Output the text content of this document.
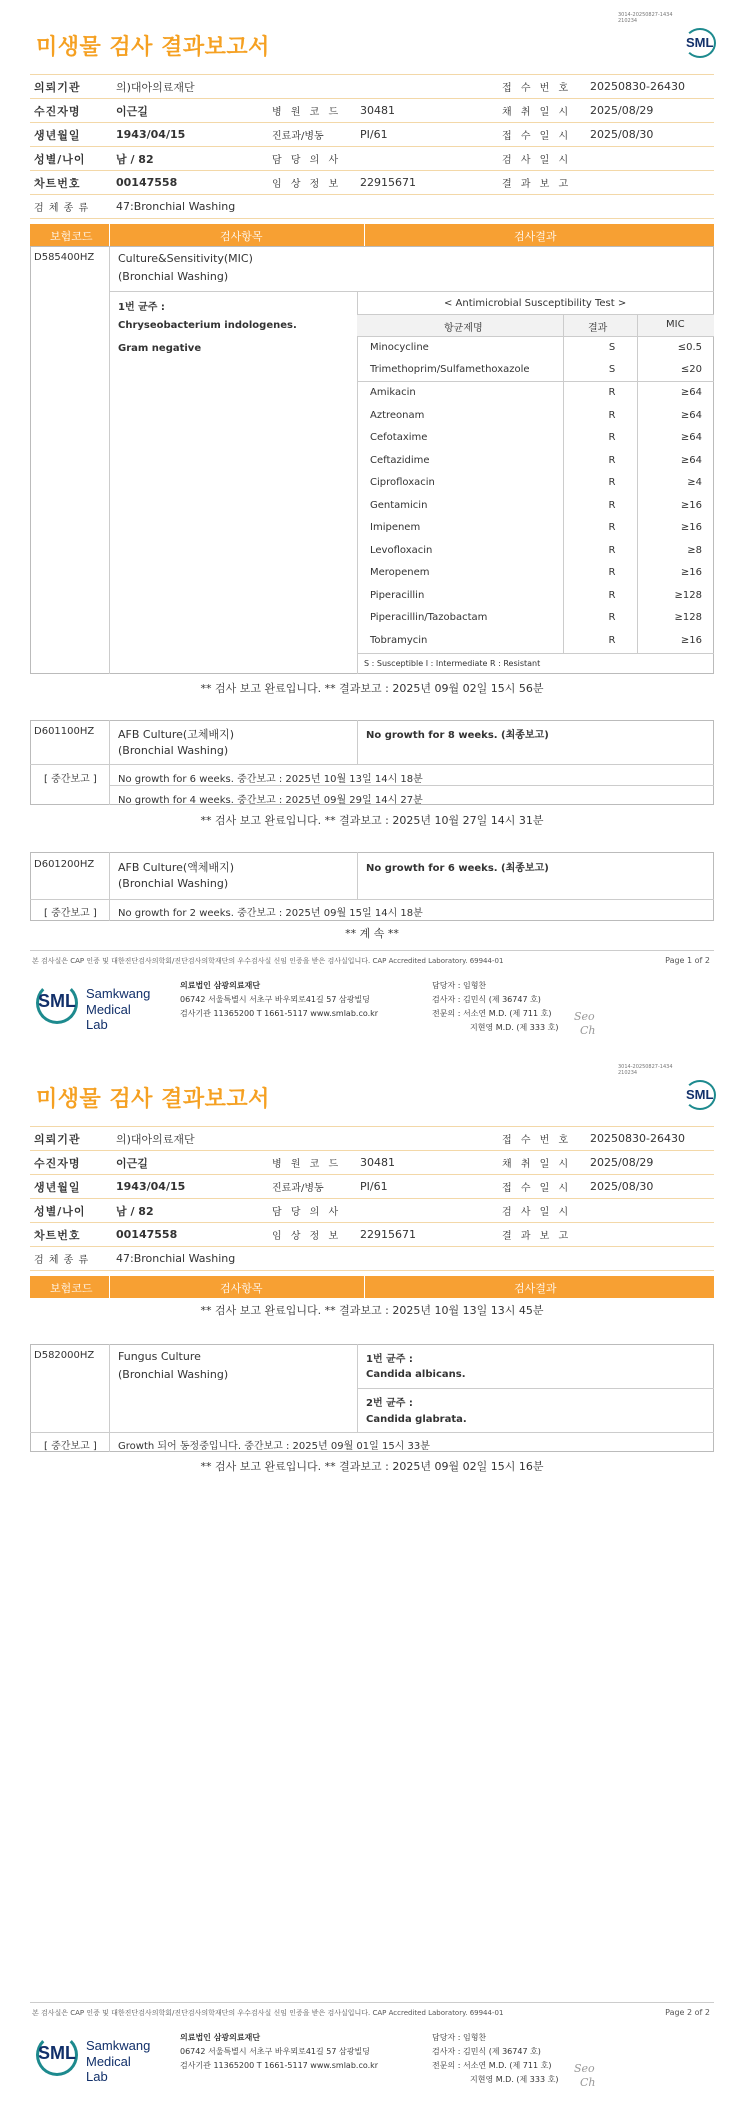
3014-20250827-1434
210234
SML
미생물 검사 결과보고서
의뢰기관	의)대아의료재단			접 수 번 호	20250830-26430
수진자명	이근길	병 원 코 드	30481	채 취 일 시	2025/08/29
생년월일	1943/04/15	진료과/병동	PI/61	접 수 일 시	2025/08/30
성별/나이	남 / 82	담 당 의 사		검 사 일 시	
차트번호	00147558	임 상 정 보	22915671	결 과 보 고	
검 체 종 류	47:Bronchial Washing				
보험코드	검사항목	검사결과
D585400HZ Culture&Sensitivity(MIC)
(Bronchial Washing)
1번 균주 :
Chryseobacterium indologenes.
Gram negative
< Antimicrobial Susceptibility Test >
항균제명	결과	MIC
Minocycline	S	≤0.5
Trimethoprim/Sulfamethoxazole	S	≤20
Amikacin	R	≥64
Aztreonam	R	≥64
Cefotaxime	R	≥64
Ceftazidime	R	≥64
Ciprofloxacin	R	≥4
Gentamicin	R	≥16
Imipenem	R	≥16
Levofloxacin	R	≥8
Meropenem	R	≥16
Piperacillin	R	≥128
Piperacillin/Tazobactam	R	≥128
Tobramycin	R	≥16
S : Susceptible I : Intermediate R : Resistant
** 검사 보고 완료입니다. ** 결과보고 : 2025년 09월 02일 15시 56분
D601100HZ AFB Culture(고체배지)
(Bronchial Washing)
No growth for 8 weeks. (최종보고)
[ 중간보고 ] No growth for 6 weeks. 중간보고 : 2025년 10월 13일 14시 18분
No growth for 4 weeks. 중간보고 : 2025년 09월 29일 14시 27분
** 검사 보고 완료입니다. ** 결과보고 : 2025년 10월 27일 14시 31분
D601200HZ AFB Culture(액체배지)
(Bronchial Washing)
No growth for 6 weeks. (최종보고)
[ 중간보고 ] No growth for 2 weeks. 중간보고 : 2025년 09월 15일 14시 18분
** 계 속 **
본 검사실은 CAP 인증 및 대한진단검사의학회/진단검사의학재단의 우수검사실 신임 인증을 받은 검사실입니다. CAP Accredited Laboratory. 69944-01	Page 1 of 2
SML Samkwang
Medical Lab
의료법인 삼광의료재단
06742 서울특별시 서초구 바우뫼로41길 57 삼광빌딩
검사기관 11365200 T 1661-5117 www.smlab.co.kr
담당자 : 임형찬
검사자 : 김민식 (제 36747 호)
전문의 : 서소연 M.D. (제 711 호)
지현영 M.D. (제 333 호)
Seo
Ch
3014-20250827-1434
210234
SML
미생물 검사 결과보고서
의뢰기관	의)대아의료재단			접 수 번 호	20250830-26430
수진자명	이근길	병 원 코 드	30481	채 취 일 시	2025/08/29
생년월일	1943/04/15	진료과/병동	PI/61	접 수 일 시	2025/08/30
성별/나이	남 / 82	담 당 의 사		검 사 일 시	
차트번호	00147558	임 상 정 보	22915671	결 과 보 고	
검 체 종 류	47:Bronchial Washing				
보험코드	검사항목	검사결과
** 검사 보고 완료입니다. ** 결과보고 : 2025년 10월 13일 13시 45분
D582000HZ Fungus Culture
(Bronchial Washing)
1번 균주 :
Candida albicans.
2번 균주 :
Candida glabrata.
[ 중간보고 ] Growth 되어 동정중입니다. 중간보고 : 2025년 09월 01일 15시 33분
** 검사 보고 완료입니다. ** 결과보고 : 2025년 09월 02일 15시 16분
본 검사실은 CAP 인증 및 대한진단검사의학회/진단검사의학재단의 우수검사실 신임 인증을 받은 검사실입니다. CAP Accredited Laboratory. 69944-01	Page 2 of 2
SML Samkwang
Medical Lab
의료법인 삼광의료재단
06742 서울특별시 서초구 바우뫼로41길 57 삼광빌딩
검사기관 11365200 T 1661-5117 www.smlab.co.kr
담당자 : 임형찬
검사자 : 김민식 (제 36747 호)
전문의 : 서소연 M.D. (제 711 호)
지현영 M.D. (제 333 호)
Seo
Ch
